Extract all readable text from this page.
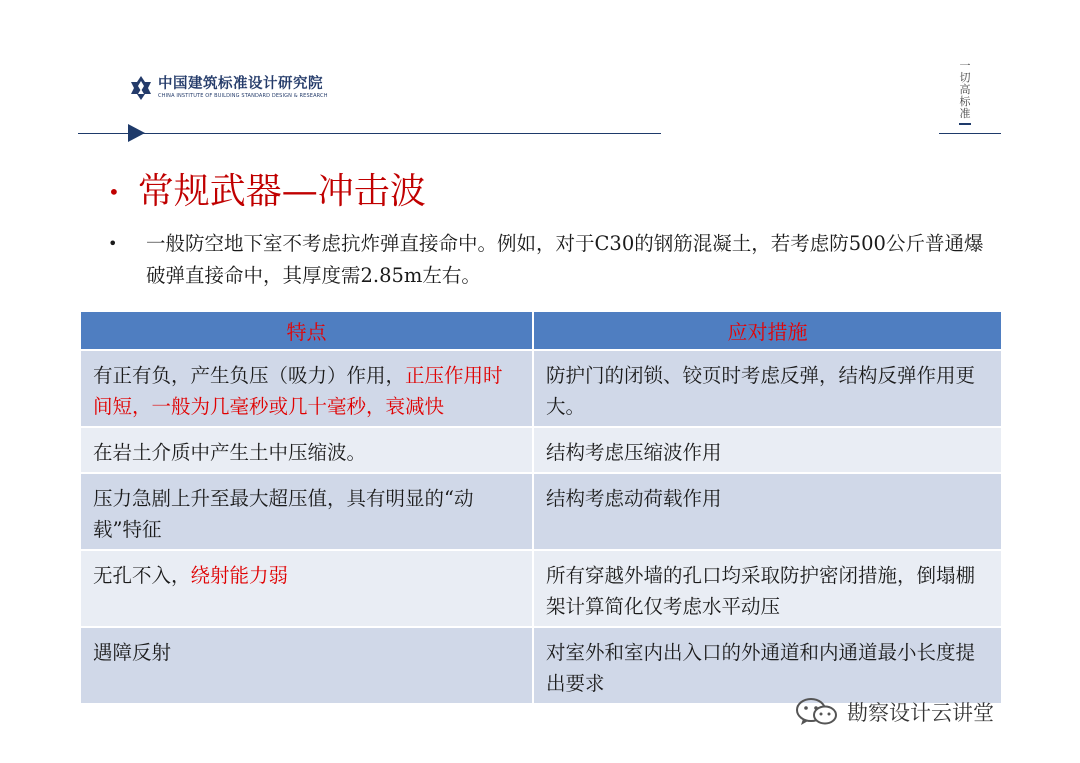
中国建筑标准设计研究院
CHINA INSTITUTE OF BUILDING STANDARD DESIGN & RESEARCH
一
切
高
标
准
• 常规武器—冲击波
• 一般防空地下室不考虑抗炸弹直接命中。例如，对于C30的钢筋混凝土，若考虑防500公斤普通爆破弹直接命中，其厚度需2.85m左右。
特点	应对措施
有正有负，产生负压（吸力）作用，正压作用时间短，一般为几毫秒或几十毫秒，衰减快	防护门的闭锁、铰页时考虑反弹，结构反弹作用更大。
在岩土介质中产生土中压缩波。	结构考虑压缩波作用
压力急剧上升至最大超压值，具有明显的“动载”特征	结构考虑动荷载作用
无孔不入，绕射能力弱	所有穿越外墙的孔口均采取防护密闭措施，倒塌棚架计算简化仅考虑水平动压
遇障反射	对室外和室内出入口的外通道和内通道最小长度提出要求
勘察设计云讲堂
